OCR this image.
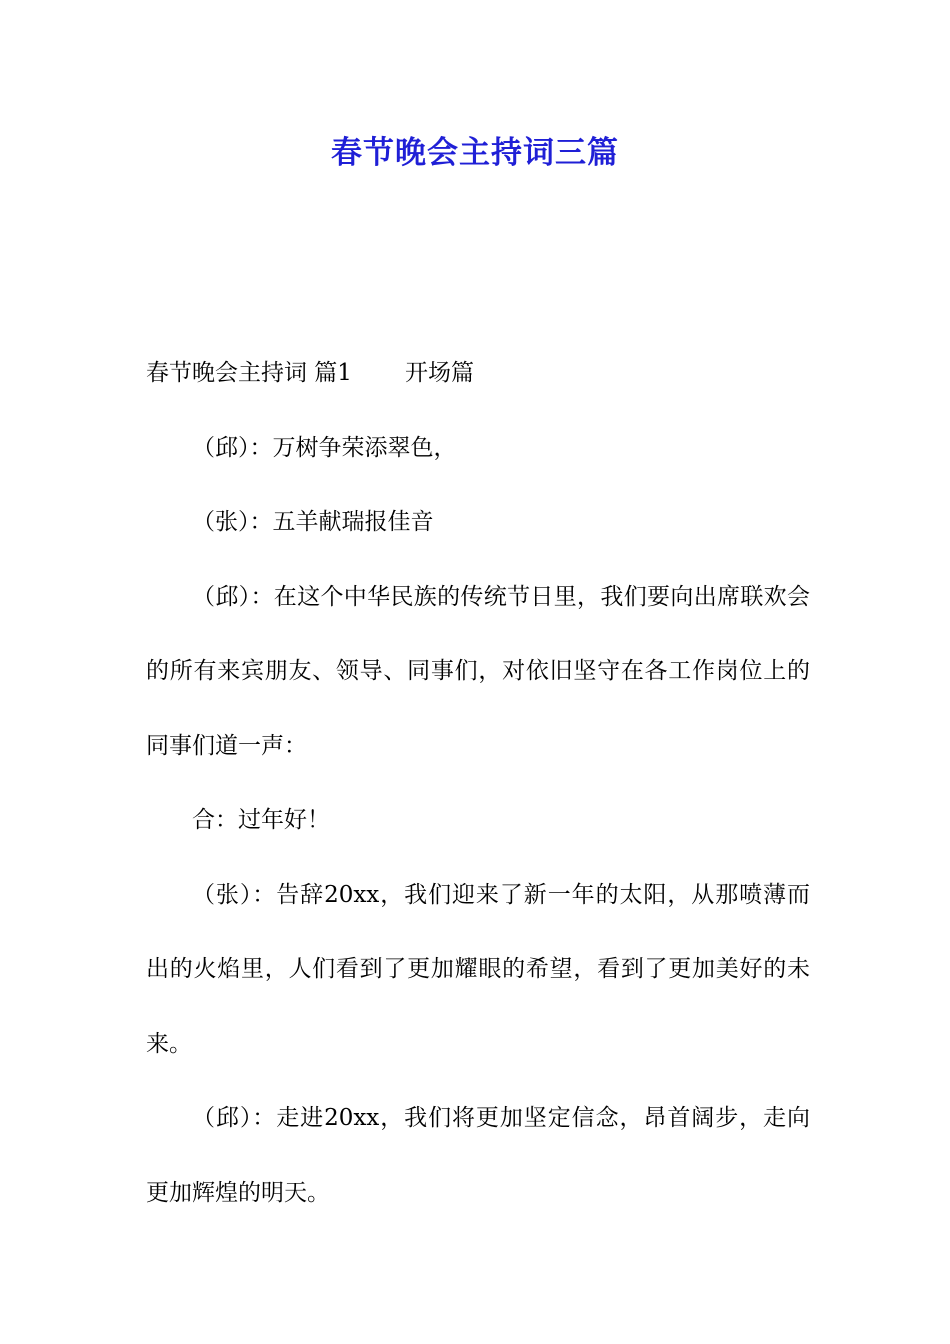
春节晚会主持词三篇

春节晚会主持词 篇1 开场篇

（邱）：万树争荣添翠色，

（张）：五羊献瑞报佳音

（邱）：在这个中华民族的传统节日里，我们要向出席联欢会的所有来宾朋友、领导、同事们，对依旧坚守在各工作岗位上的同事们道一声：

合：过年好！

（张）：告辞20xx，我们迎来了新一年的太阳，从那喷薄而出的火焰里，人们看到了更加耀眼的希望，看到了更加美好的未来。

（邱）：走进20xx，我们将更加坚定信念，昂首阔步，走向更加辉煌的明天。
